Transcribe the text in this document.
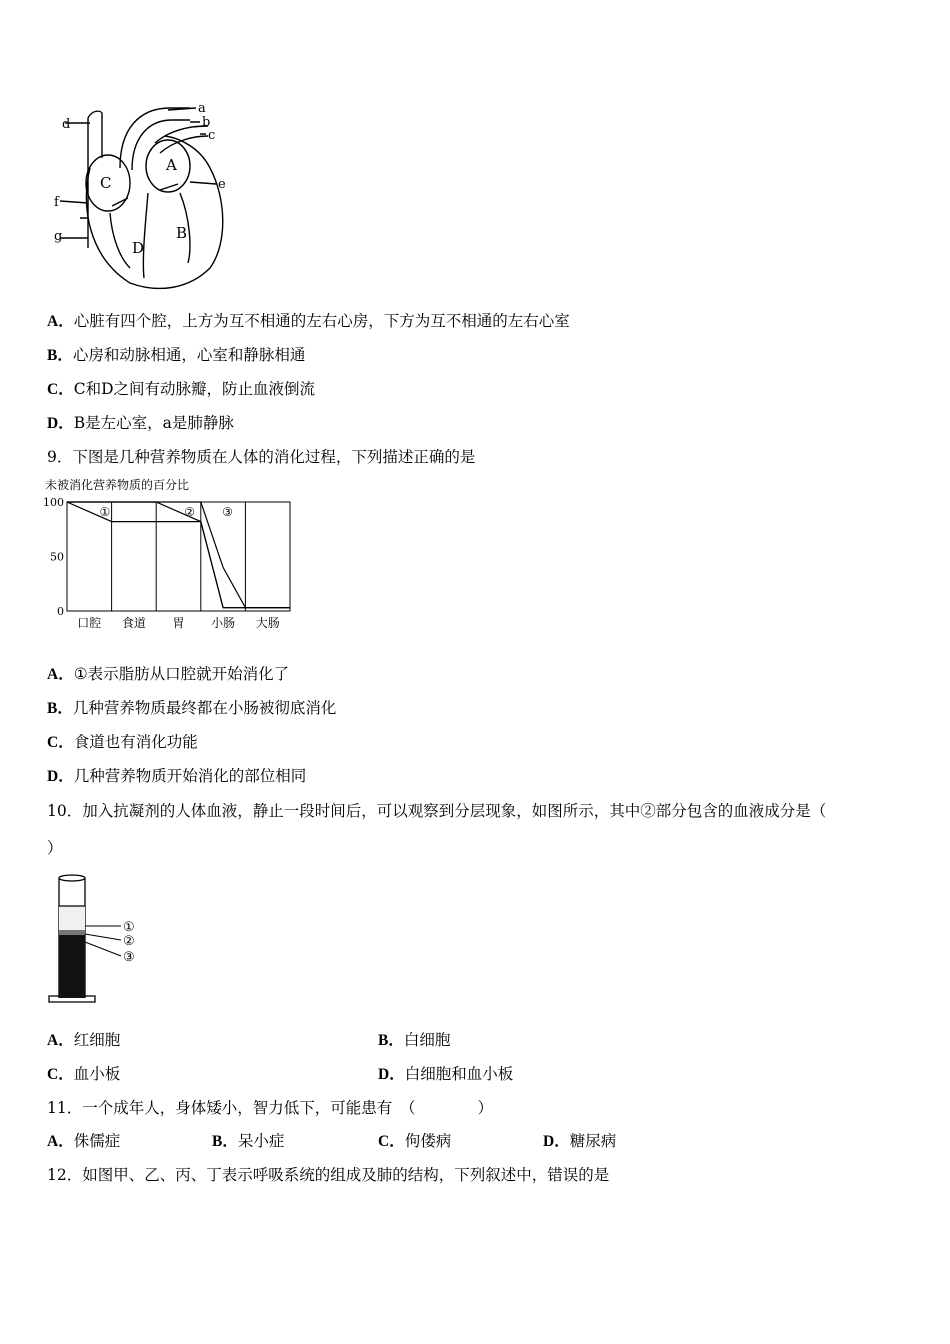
a
b
c
d
e
f
g
A
B
C
D
A．心脏有四个腔，上方为互不相通的左右心房，下方为互不相通的左右心室
B．心房和动脉相通，心室和静脉相通
C．C和D之间有动脉瓣，防止血液倒流
D．B是左心室，a是肺静脉
9．下图是几种营养物质在人体的消化过程，下列描述正确的是
未被消化营养物质的百分比
100
50
0
口腔 食道 胃 小肠 大肠
①	② ③
A．①表示脂肪从口腔就开始消化了
B．几种营养物质最终都在小肠被彻底消化
C．食道也有消化功能
D．几种营养物质开始消化的部位相同
10．加入抗凝剂的人体血液，静止一段时间后，可以观察到分层现象，如图所示，其中②部分包含的血液成分是（
）
①
②
③
A．红细胞	B．白细胞
C．血小板	D．白细胞和血小板
11．一个成年人，身体矮小，智力低下，可能患有　（　　　　）
A．侏儒症	B．呆小症	C．佝偻病	D．糖尿病
12．如图甲、乙、丙、丁表示呼吸系统的组成及肺的结构，下列叙述中，错误的是
